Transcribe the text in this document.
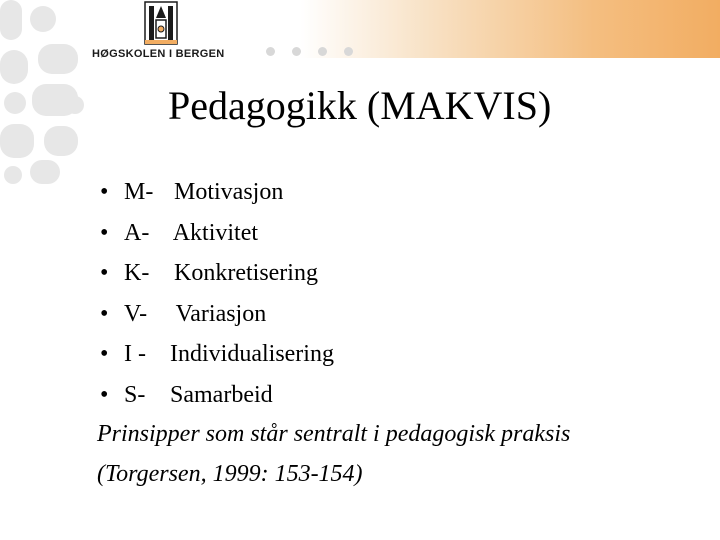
HØGSKOLEN I BERGEN
Pedagogikk (MAKVIS)
• M- Motivasjon
• A- Aktivitet
• K- Konkretisering
• V- Variasjon
• I - Individualisering
• S- Samarbeid
Prinsipper som står sentralt i pedagogisk praksis
(Torgersen, 1999: 153-154)
